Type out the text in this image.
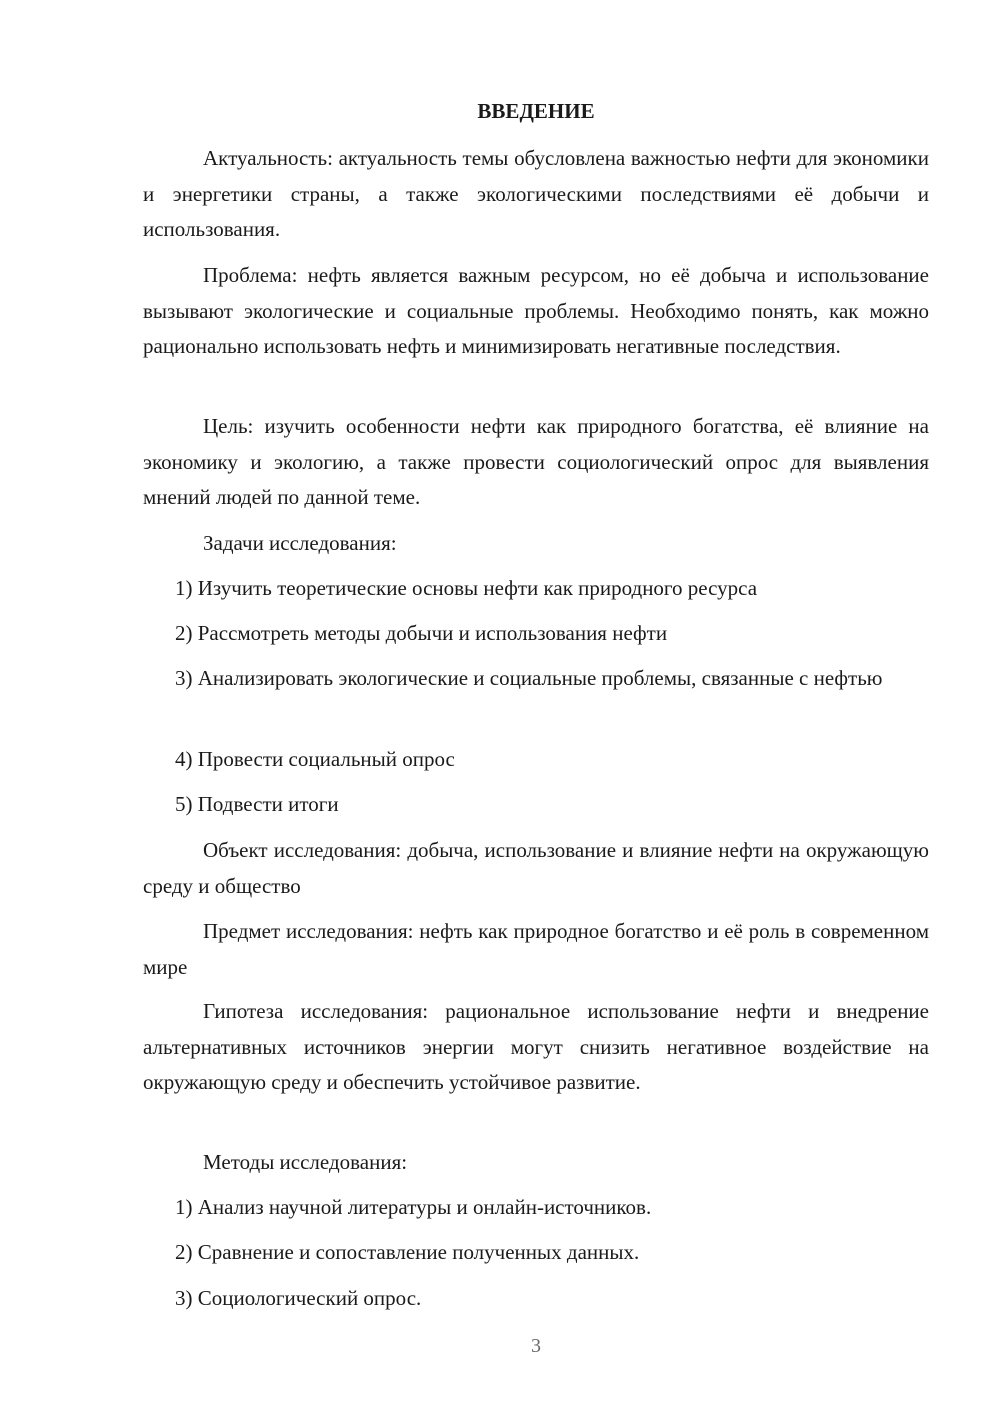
ВВЕДЕНИЕ

Актуальность: актуальность темы обусловлена важностью нефти для экономики и энергетики страны, а также экологическими последствиями её добычи и использования.

Проблема: нефть является важным ресурсом, но её добыча и использование вызывают экологические и социальные проблемы. Необходимо понять, как можно рационально использовать нефть и минимизировать негативные последствия.

Цель: изучить особенности нефти как природного богатства, её влияние на экономику и экологию, а также провести социологический опрос для выявления мнений людей по данной теме.

Задачи исследования:

1) Изучить теоретические основы нефти как природного ресурса

2) Рассмотреть методы добычи и использования нефти

3) Анализировать экологические и социальные проблемы, связанные с нефтью

4) Провести социальный опрос

5) Подвести итоги

Объект исследования: добыча, использование и влияние нефти на окружающую среду и общество

Предмет исследования: нефть как природное богатство и её роль в современном мире

Гипотеза исследования: рациональное использование нефти и внедрение альтернативных источников энергии могут снизить негативное воздействие на окружающую среду и обеспечить устойчивое развитие.

Методы исследования:

1) Анализ научной литературы и онлайн-источников.

2) Сравнение и сопоставление полученных данных.

3) Социологический опрос.

3
